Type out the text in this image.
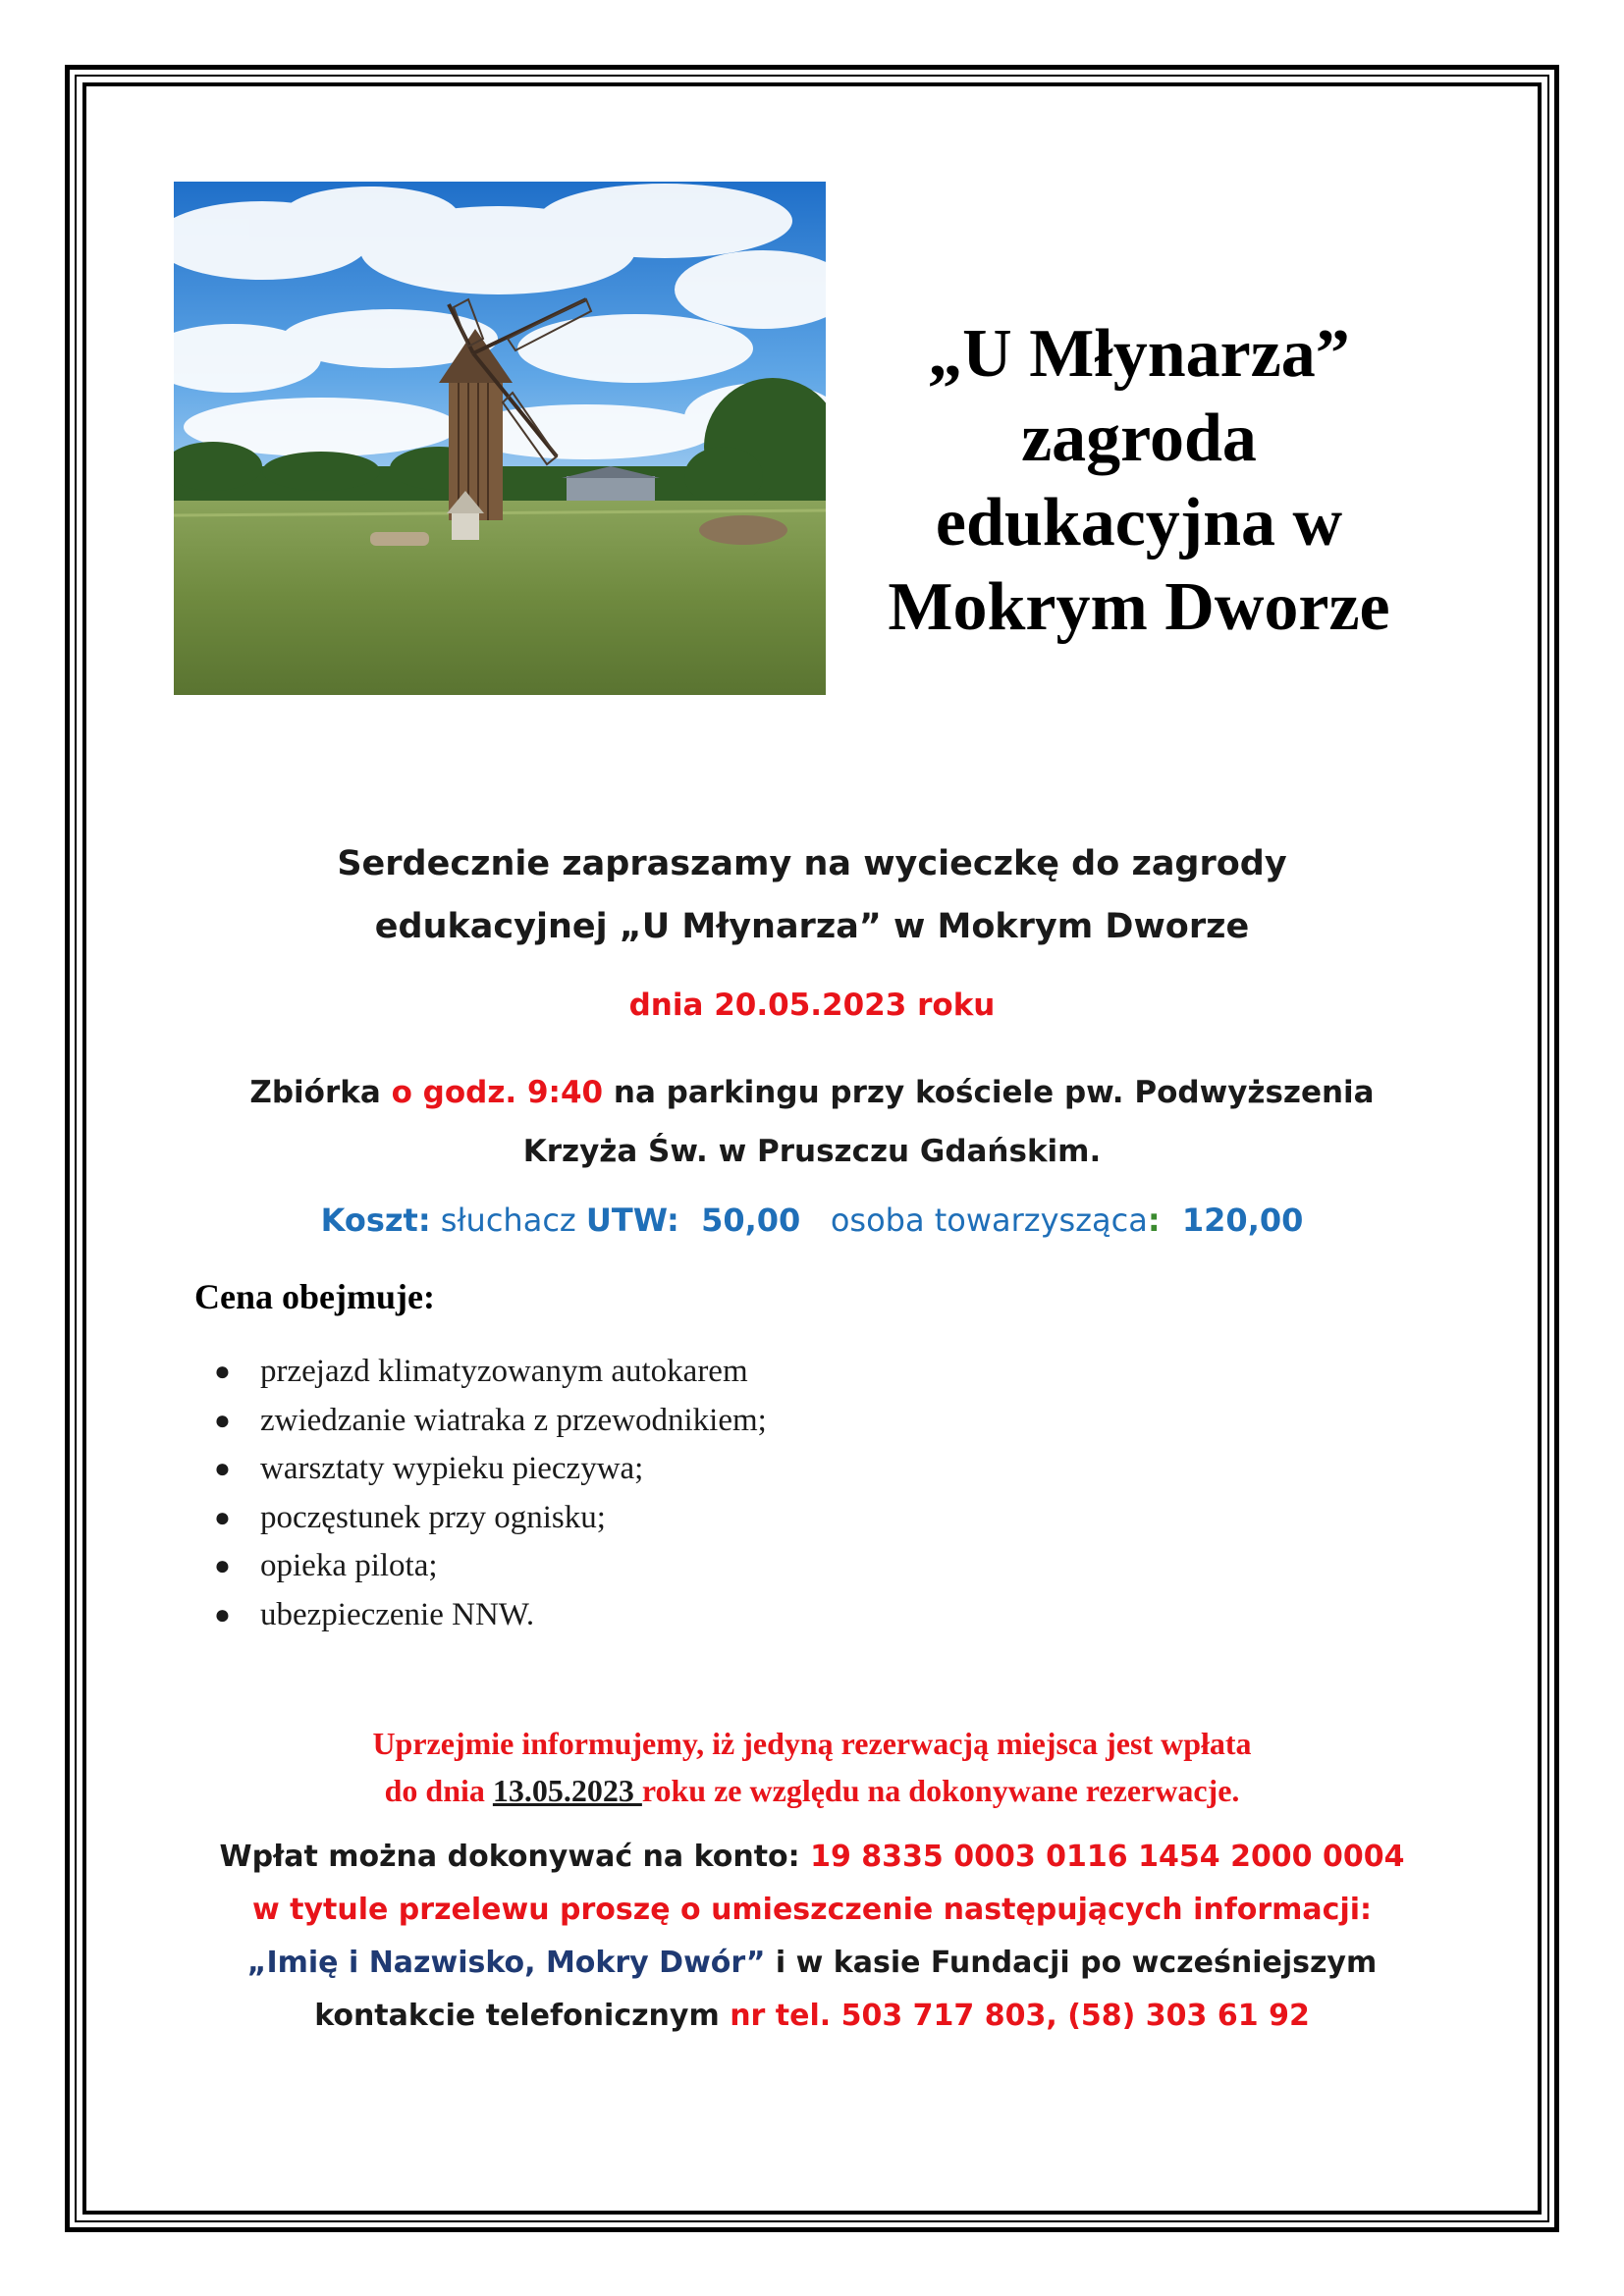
„U Młynarza”
zagroda
edukacyjna w
Mokrym Dworze
Serdecznie zapraszamy na wycieczkę do zagrody
edukacyjnej „U Młynarza” w Mokrym Dworze
dnia 20.05.2023 roku
Zbiórka o godz. 9:40 na parkingu przy kościele pw. Podwyższenia
Krzyża Św. w Pruszczu Gdańskim.
Koszt: słuchacz UTW:  50,00   osoba towarzysząca:  120,00
Cena obejmuje:
● przejazd klimatyzowanym autokarem
● zwiedzanie wiatraka z przewodnikiem;
● warsztaty wypieku pieczywa;
● poczęstunek przy ognisku;
● opieka pilota;
● ubezpieczenie NNW.
Uprzejmie informujemy, iż jedyną rezerwacją miejsca jest wpłata
do dnia 13.05.2023 roku ze względu na dokonywane rezerwacje.
Wpłat można dokonywać na konto: 19 8335 0003 0116 1454 2000 0004
w tytule przelewu proszę o umieszczenie następujących informacji:
„Imię i Nazwisko, Mokry Dwór” i w kasie Fundacji po wcześniejszym
kontakcie telefonicznym nr tel. 503 717 803, (58) 303 61 92
